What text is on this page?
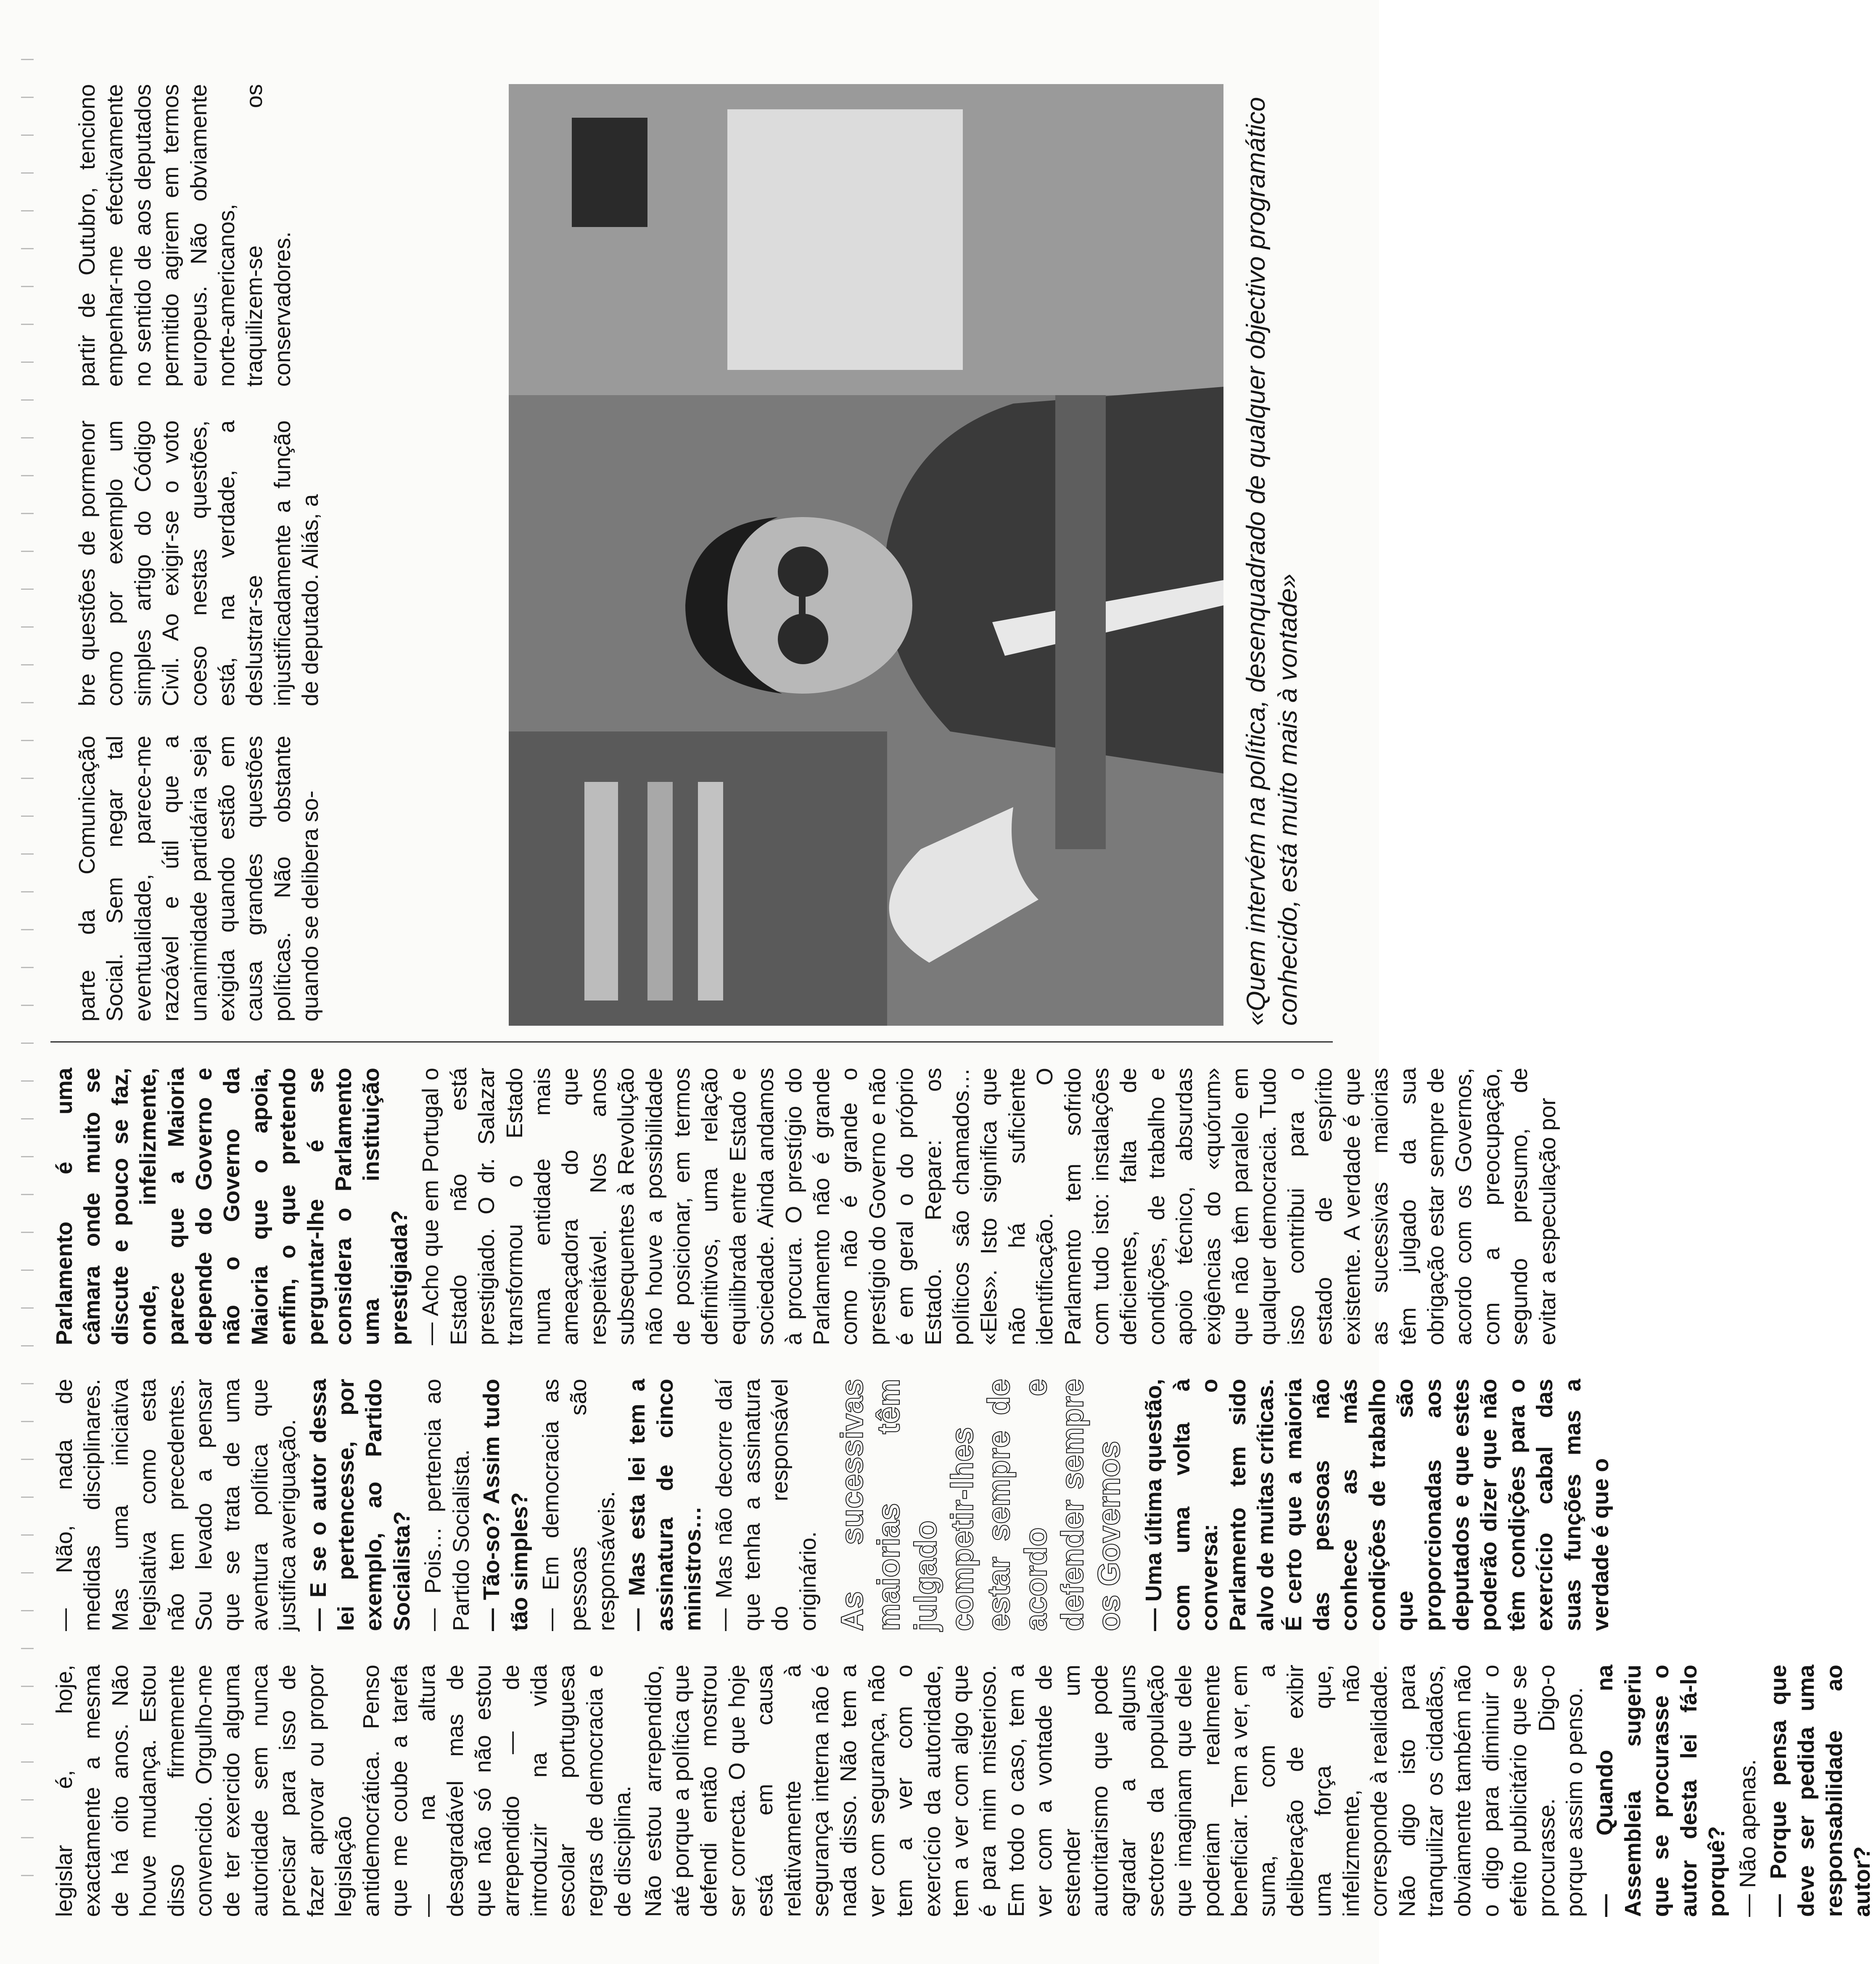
legislar é, hoje, exactamente a mesma de há oito anos. Não houve mudança. Estou disso firmemente convencido. Orgulho-me de ter exercido alguma autoridade sem nunca precisar para isso de fazer aprovar ou propor legislação antidemocrática. Penso que me coube a tarefa — na altura desagradável mas de que não só não estou arrependido — de introduzir na vida escolar portuguesa regras de democracia e de disciplina. Não estou arrependido, até porque a política que defendi então mostrou ser correcta. O que hoje está em causa relativamente à segurança interna não é nada disso. Não tem a ver com segurança, não tem a ver com o exercício da autoridade, tem a ver com algo que é para mim misterioso. Em todo o caso, tem a ver com a vontade de estender um autoritarismo que pode agradar a alguns sectores da população que imaginam que dele poderiam realmente beneficiar. Tem a ver, em suma, com a deliberação de exibir uma força que, infelizmente, não corresponde à realidade. Não digo isto para tranquilizar os cidadãos, obviamente também não o digo para diminuir o efeito publicitário que se procurasse. Digo-o porque assim o penso. — Quando na Assembleia sugeriu que se procurasse o autor desta lei fá-lo porquê? — Não apenas. — Porque pensa que deve ser pedida uma responsabilidade ao autor?

— Não, nada de medidas disciplinares. Mas uma iniciativa legislativa como esta não tem precedentes. Sou levado a pensar que se trata de uma aventura política que justifica averiguação. — E se o autor dessa lei pertencesse, por exemplo, ao Partido Socialista? — Pois… pertencia ao Partido Socialista. — Tão-so? Assim tudo tão simples? — Em democracia as pessoas são responsáveis. — Mas esta lei tem a assinatura de cinco ministros… — Mas não decorre daí que tenha a assinatura do responsável originário. As sucessivas maiorias têm julgado competir-lhes estar sempre de acordo e defender sempre os Governos — Uma última questão, com uma volta à conversa: o Parlamento tem sido alvo de muitas críticas. É certo que a maioria das pessoas não conhece as más condições de trabalho que são proporcionadas aos deputados e que estes poderão dizer que não têm condições para o exercício cabal das suas funções mas a verdade é que o
Parlamento é uma câmara onde muito se discute e pouco se faz, onde, infelizmente, parece que a Maioria depende do Governo e não o Governo da Maioria que o apoia, enfim, o que pretendo perguntar-lhe é se considera o Parlamento uma instituição prestigiada? — Acho que em Portugal o Estado não está prestigiado. O dr. Salazar transformou o Estado numa entidade mais ameaçadora do que respeitável. Nos anos subsequentes à Revolução não houve a possibilidade de posicionar, em termos definitivos, uma relação equilibrada entre Estado e sociedade. Ainda andamos à procura. O prestígio do Parlamento não é grande como não é grande o prestígio do Governo e não é em geral o do próprio Estado. Repare: os políticos são chamados… «Eles». Isto significa que não há suficiente identificação. O Parlamento tem sofrido com tudo isto: instalações deficientes, falta de condições, de trabalho e apoio técnico, absurdas exigências do «quórum» que não têm paralelo em qualquer democracia. Tudo isso contribui para o estado de espírito existente. A verdade é que as sucessivas maiorias têm julgado da sua obrigação estar sempre de acordo com os Governos, com a preocupação, segundo presumo, de evitar a especulação por

parte da Comunicação Social. Sem negar tal eventualidade, parece-me razoável e útil que a unanimidade partidária seja exigida quando estão em causa grandes questões políticas. Não obstante quando se delibera so-

bre questões de pormenor como por exemplo um simples artigo do Código Civil. Ao exigir-se o voto coeso nestas questões, está, na verdade, a deslustrar-se injustificadamente a função de deputado. Aliás, a

partir de Outubro, tenciono empenhar-me efectivamente no sentido de aos deputados permitido agirem em termos europeus. Não obviamente norte-americanos, traquilizem-se os conservadores.	«Quem intervém na política, desenquadrado de qualquer objectivo programático conhecido, está muito mais à vontade»
